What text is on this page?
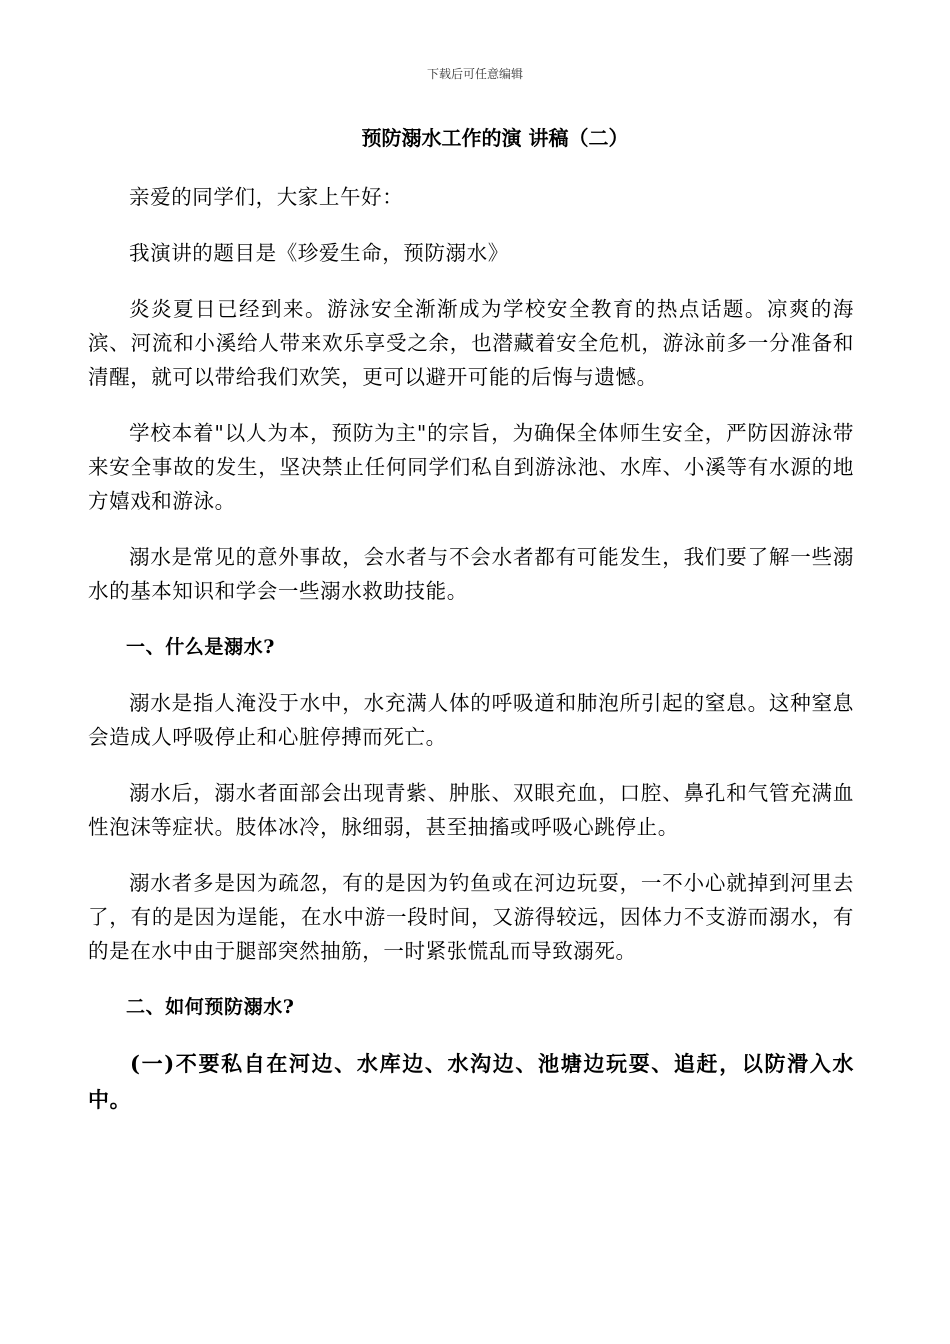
下载后可任意编辑
预防溺水工作的演 讲稿（二）

亲爱的同学们，大家上午好：

我演讲的题目是《珍爱生命，预防溺水》

炎炎夏日已经到来。游泳安全渐渐成为学校安全教育的热点话题。凉爽的海滨、河流和小溪给人带来欢乐享受之余，也潜藏着安全危机，游泳前多一分准备和清醒，就可以带给我们欢笑，更可以避开可能的后悔与遗憾。

学校本着"以人为本，预防为主"的宗旨，为确保全体师生安全，严防因游泳带来安全事故的发生，坚决禁止任何同学们私自到游泳池、水库、小溪等有水源的地方嬉戏和游泳。

溺水是常见的意外事故，会水者与不会水者都有可能发生，我们要了解一些溺水的基本知识和学会一些溺水救助技能。

一、什么是溺水?

溺水是指人淹没于水中，水充满人体的呼吸道和肺泡所引起的窒息。这种窒息会造成人呼吸停止和心脏停搏而死亡。

溺水后，溺水者面部会出现青紫、肿胀、双眼充血，口腔、鼻孔和气管充满血性泡沫等症状。肢体冰冷，脉细弱，甚至抽搐或呼吸心跳停止。

溺水者多是因为疏忽，有的是因为钓鱼或在河边玩耍，一不小心就掉到河里去了，有的是因为逞能，在水中游一段时间，又游得较远，因体力不支游而溺水，有的是在水中由于腿部突然抽筋，一时紧张慌乱而导致溺死。

二、如何预防溺水?

(一)不要私自在河边、水库边、水沟边、池塘边玩耍、追赶，以防滑入水中。
